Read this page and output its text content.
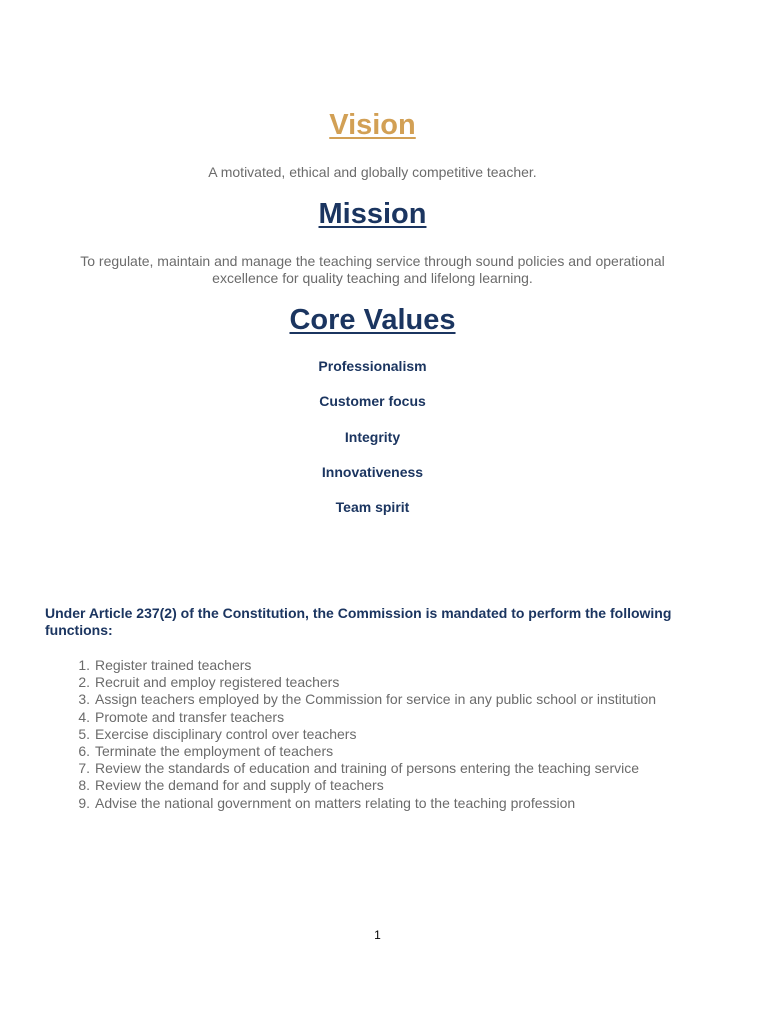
Vision

A motivated, ethical and globally competitive teacher.

Mission

To regulate, maintain and manage the teaching service through sound policies and operational excellence for quality teaching and lifelong learning.

Core Values

Professionalism

Customer focus

Integrity

Innovativeness

Team spirit

Under Article 237(2) of the Constitution, the Commission is mandated to perform the following functions:

1. Register trained teachers
2. Recruit and employ registered teachers
3. Assign teachers employed by the Commission for service in any public school or institution
4. Promote and transfer teachers
5. Exercise disciplinary control over teachers
6. Terminate the employment of teachers
7. Review the standards of education and training of persons entering the teaching service
8. Review the demand for and supply of teachers
9. Advise the national government on matters relating to the teaching profession

1
